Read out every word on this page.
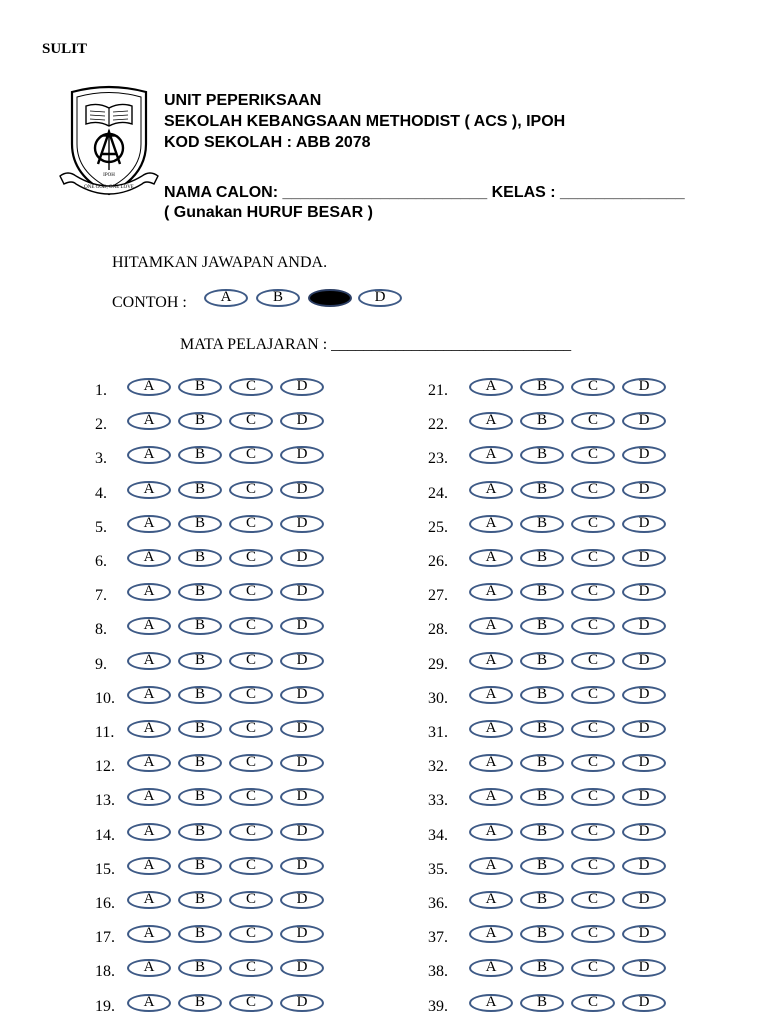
SULIT
ONE GOD, ONE LOVE
IPOH
UNIT PEPERIKSAAN
SEKOLAH KEBANGSAAN METHODIST ( ACS ), IPOH
KOD SEKOLAH : ABB 2078
NAMA CALON: _______________________ KELAS : ______________
( Gunakan HURUF BESAR )
HITAMKAN JAWAPAN ANDA.
CONTOH :	A	B	D
MATA PELAJARAN : ______________________________
1.	A	B	C	D
2.	A	B	C	D
3.	A	B	C	D
4.	A	B	C	D
5.	A	B	C	D
6.	A	B	C	D
7.	A	B	C	D
8.	A	B	C	D
9.	A	B	C	D
10.	A	B	C	D
11.	A	B	C	D
12.	A	B	C	D
13.	A	B	C	D
14.	A	B	C	D
15.	A	B	C	D
16.	A	B	C	D
17.	A	B	C	D
18.	A	B	C	D
19.	A	B	C	D
21.	A	B	C	D
22.	A	B	C	D
23.	A	B	C	D
24.	A	B	C	D
25.	A	B	C	D
26.	A	B	C	D
27.	A	B	C	D
28.	A	B	C	D
29.	A	B	C	D
30.	A	B	C	D
31.	A	B	C	D
32.	A	B	C	D
33.	A	B	C	D
34.	A	B	C	D
35.	A	B	C	D
36.	A	B	C	D
37.	A	B	C	D
38.	A	B	C	D
39.	A	B	C	D
